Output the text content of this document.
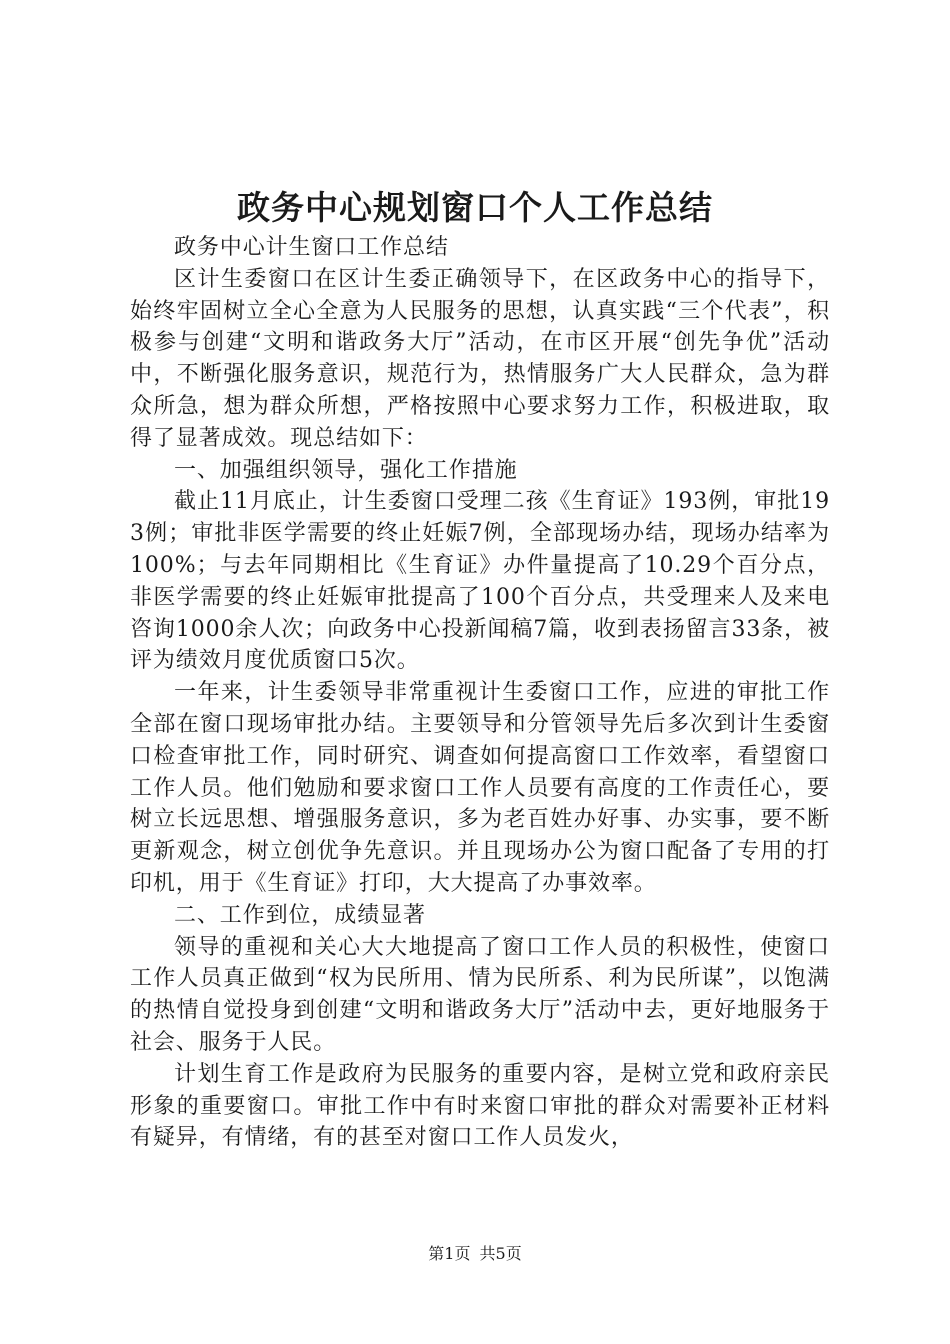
政务中心规划窗口个人工作总结

政务中心计生窗口工作总结

区计生委窗口在区计生委正确领导下，在区政务中心的指导下，始终牢固树立全心全意为人民服务的思想，认真实践“三个代表”，积极参与创建“文明和谐政务大厅”活动，在市区开展“创先争优”活动中，不断强化服务意识，规范行为，热情服务广大人民群众，急为群众所急，想为群众所想，严格按照中心要求努力工作，积极进取，取得了显著成效。现总结如下：

一、加强组织领导，强化工作措施

截止11月底止，计生委窗口受理二孩《生育证》193例，审批193例；审批非医学需要的终止妊娠7例，全部现场办结，现场办结率为100%；与去年同期相比《生育证》办件量提高了10.29个百分点，非医学需要的终止妊娠审批提高了100个百分点，共受理来人及来电咨询1000余人次；向政务中心投新闻稿7篇，收到表扬留言33条，被评为绩效月度优质窗口5次。

一年来，计生委领导非常重视计生委窗口工作，应进的审批工作全部在窗口现场审批办结。主要领导和分管领导先后多次到计生委窗口检查审批工作，同时研究、调查如何提高窗口工作效率，看望窗口工作人员。他们勉励和要求窗口工作人员要有高度的工作责任心，要树立长远思想、增强服务意识，多为老百姓办好事、办实事，要不断更新观念，树立创优争先意识。并且现场办公为窗口配备了专用的打印机，用于《生育证》打印，大大提高了办事效率。

二、工作到位，成绩显著

领导的重视和关心大大地提高了窗口工作人员的积极性，使窗口工作人员真正做到“权为民所用、情为民所系、利为民所谋”，以饱满的热情自觉投身到创建“文明和谐政务大厅”活动中去，更好地服务于社会、服务于人民。

计划生育工作是政府为民服务的重要内容，是树立党和政府亲民形象的重要窗口。审批工作中有时来窗口审批的群众对需要补正材料有疑异，有情绪，有的甚至对窗口工作人员发火，

第1页 共5页
